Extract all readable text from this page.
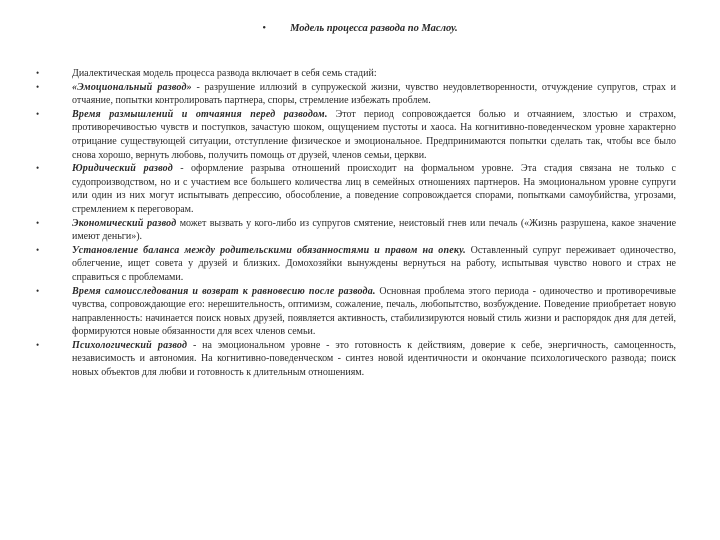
• Модель процесса развода по Маслоу.
•	Диалектическая модель процесса развода включает в себя семь стадий:

•	«Эмоциональный развод» - разрушение иллюзий в супружеской жизни, чувство неудовлетворенности, отчуждение супругов, страх и отчаяние, попытки контролировать партнера, споры, стремление избежать проблем.

•	Время размышлений и отчаяния перед разводом. Этот период сопровождается болью и отчаянием, злостью и страхом, противоречивостью чувств и поступков, зачастую шоком, ощущением пустоты и хаоса. На когнитивно-поведенческом уровне характерно отрицание существующей ситуации, отступление физическое и эмоциональное. Предпринимаются попытки сделать так, чтобы все было снова хорошо, вернуть любовь, получить помощь от друзей, членов семьи, церкви.

•	Юридический развод - оформление разрыва отношений происходит на формальном уровне. Эта стадия связана не только с судопроизводством, но и с участием все большего количества лиц в семейных отношениях партнеров. На эмоциональном уровне супруги или один из них могут испытывать депрессию, обособление, а поведение сопровождается спорами, попытками самоубийства, угрозами, стремлением к переговорам.

•	Экономический развод может вызвать у кого-либо из супругов смятение, неистовый гнев или печаль («Жизнь разрушена, какое значение имеют деньги»).

•	Установление баланса между родительскими обязанностями и правом на опеку. Оставленный супруг переживает одиночество, облегчение, ищет совета у друзей и близких. Домохозяйки вынуждены вернуться на работу, испытывая чувство нового и страх не справиться с проблемами.

•	Время самоисследования и возврат к равновесию после развода. Основная проблема этого периода - одиночество и противоречивые чувства, сопровождающие его: нерешительность, оптимизм, сожаление, печаль, любопытство, возбуждение. Поведение приобретает новую направленность: начинается поиск новых друзей, появляется активность, стабилизируются новый стиль жизни и распорядок дня для детей, формируются новые обязанности для всех членов семьи.

•	Психологический развод - на эмоциональном уровне - это готовность к действиям, доверие к себе, энергичность, самоценность, независимость и автономия. На когнитивно-поведенческом - синтез новой идентичности и окончание психологического развода; поиск новых объектов для любви и готовность к длительным отношениям.
